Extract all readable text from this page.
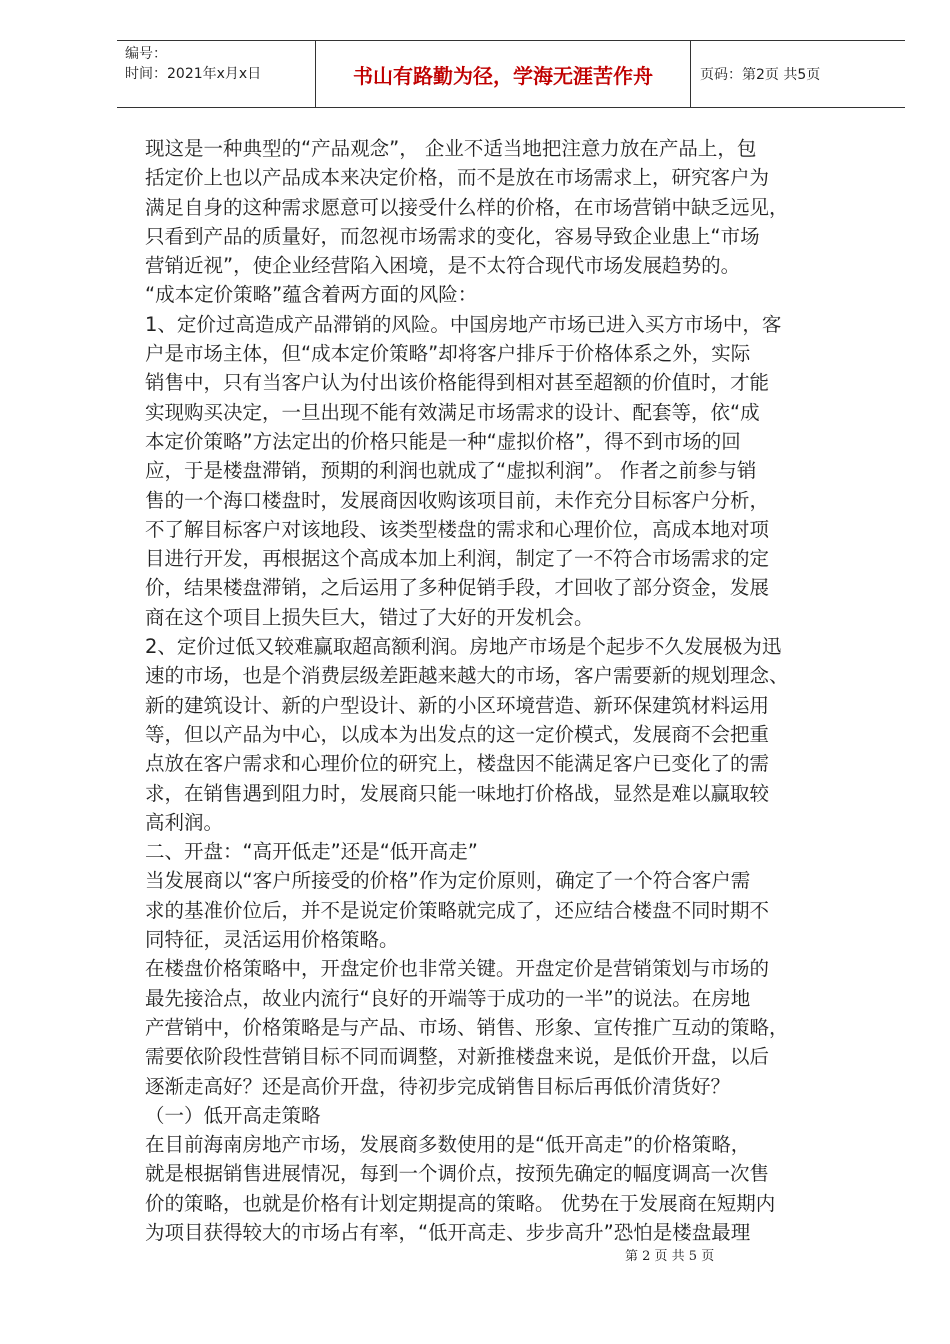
编号：
时间：2021年x月x日	书山有路勤为径，学海无涯苦作舟	页码：第2页 共5页

现这是一种典型的“产品观念”， 企业不适当地把注意力放在产品上，包

括定价上也以产品成本来决定价格，而不是放在市场需求上，研究客户为

满足自身的这种需求愿意可以接受什么样的价格，在市场营销中缺乏远见，

只看到产品的质量好，而忽视市场需求的变化，容易导致企业患上“市场

营销近视”，使企业经营陷入困境，是不太符合现代市场发展趋势的。

“成本定价策略”蕴含着两方面的风险：

1、定价过高造成产品滞销的风险。中国房地产市场已进入买方市场中，客

户是市场主体，但“成本定价策略”却将客户排斥于价格体系之外，实际

销售中，只有当客户认为付出该价格能得到相对甚至超额的价值时，才能

实现购买决定，一旦出现不能有效满足市场需求的设计、配套等，依“成

本定价策略”方法定出的价格只能是一种“虚拟价格”，得不到市场的回

应，于是楼盘滞销，预期的利润也就成了“虚拟利润”。 作者之前参与销

售的一个海口楼盘时，发展商因收购该项目前，未作充分目标客户分析，

不了解目标客户对该地段、该类型楼盘的需求和心理价位，高成本地对项

目进行开发，再根据这个高成本加上利润，制定了一不符合市场需求的定

价，结果楼盘滞销，之后运用了多种促销手段，才回收了部分资金，发展

商在这个项目上损失巨大，错过了大好的开发机会。

2、定价过低又较难赢取超高额利润。房地产市场是个起步不久发展极为迅

速的市场，也是个消费层级差距越来越大的市场，客户需要新的规划理念、

新的建筑设计、新的户型设计、新的小区环境营造、新环保建筑材料运用

等，但以产品为中心，以成本为出发点的这一定价模式，发展商不会把重

点放在客户需求和心理价位的研究上，楼盘因不能满足客户已变化了的需

求，在销售遇到阻力时，发展商只能一味地打价格战，显然是难以赢取较

高利润。

二、开盘：“高开低走”还是“低开高走”

当发展商以“客户所接受的价格”作为定价原则，确定了一个符合客户需

求的基准价位后，并不是说定价策略就完成了，还应结合楼盘不同时期不

同特征，灵活运用价格策略。

在楼盘价格策略中，开盘定价也非常关键。开盘定价是营销策划与市场的

最先接洽点，故业内流行“良好的开端等于成功的一半”的说法。在房地

产营销中，价格策略是与产品、市场、销售、形象、宣传推广互动的策略，

需要依阶段性营销目标不同而调整，对新推楼盘来说，是低价开盘，以后

逐渐走高好？还是高价开盘，待初步完成销售目标后再低价清货好？

（一）低开高走策略

在目前海南房地产市场，发展商多数使用的是“低开高走”的价格策略，

就是根据销售进展情况，每到一个调价点，按预先确定的幅度调高一次售

价的策略，也就是价格有计划定期提高的策略。 优势在于发展商在短期内

为项目获得较大的市场占有率，“低开高走、步步高升”恐怕是楼盘最理

第 2 页 共 5 页
